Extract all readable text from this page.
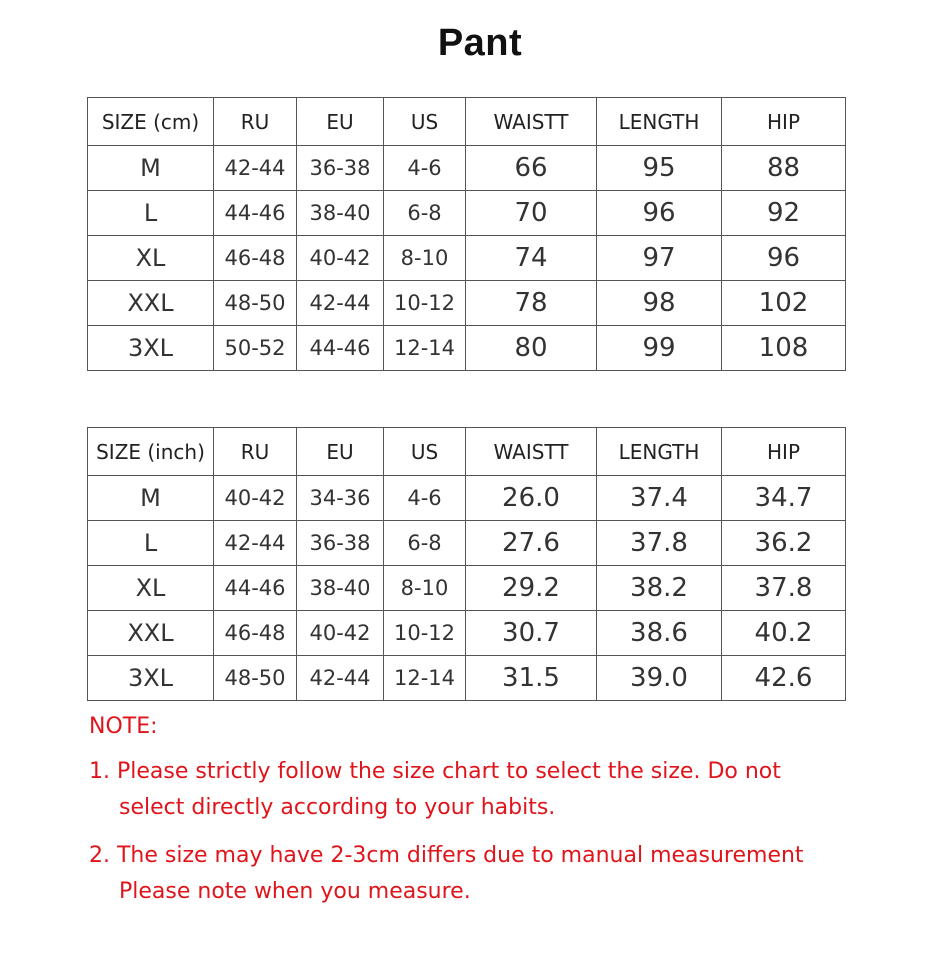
Pant
SIZE (cm)	RU	EU	US	WAISTT	LENGTH	HIP
M	42-44	36-38	4-6	66	95	88
L	44-46	38-40	6-8	70	96	92
XL	46-48	40-42	8-10	74	97	96
XXL	48-50	42-44	10-12	78	98	102
3XL	50-52	44-46	12-14	80	99	108
SIZE (inch)	RU	EU	US	WAISTT	LENGTH	HIP
M	40-42	34-36	4-6	26.0	37.4	34.7
L	42-44	36-38	6-8	27.6	37.8	36.2
XL	44-46	38-40	8-10	29.2	38.2	37.8
XXL	46-48	40-42	10-12	30.7	38.6	40.2
3XL	48-50	42-44	12-14	31.5	39.0	42.6
NOTE:
1. Please strictly follow the size chart to select the size. Do not
select directly according to your habits.
2. The size may have 2-3cm differs due to manual measurement
Please note when you measure.
